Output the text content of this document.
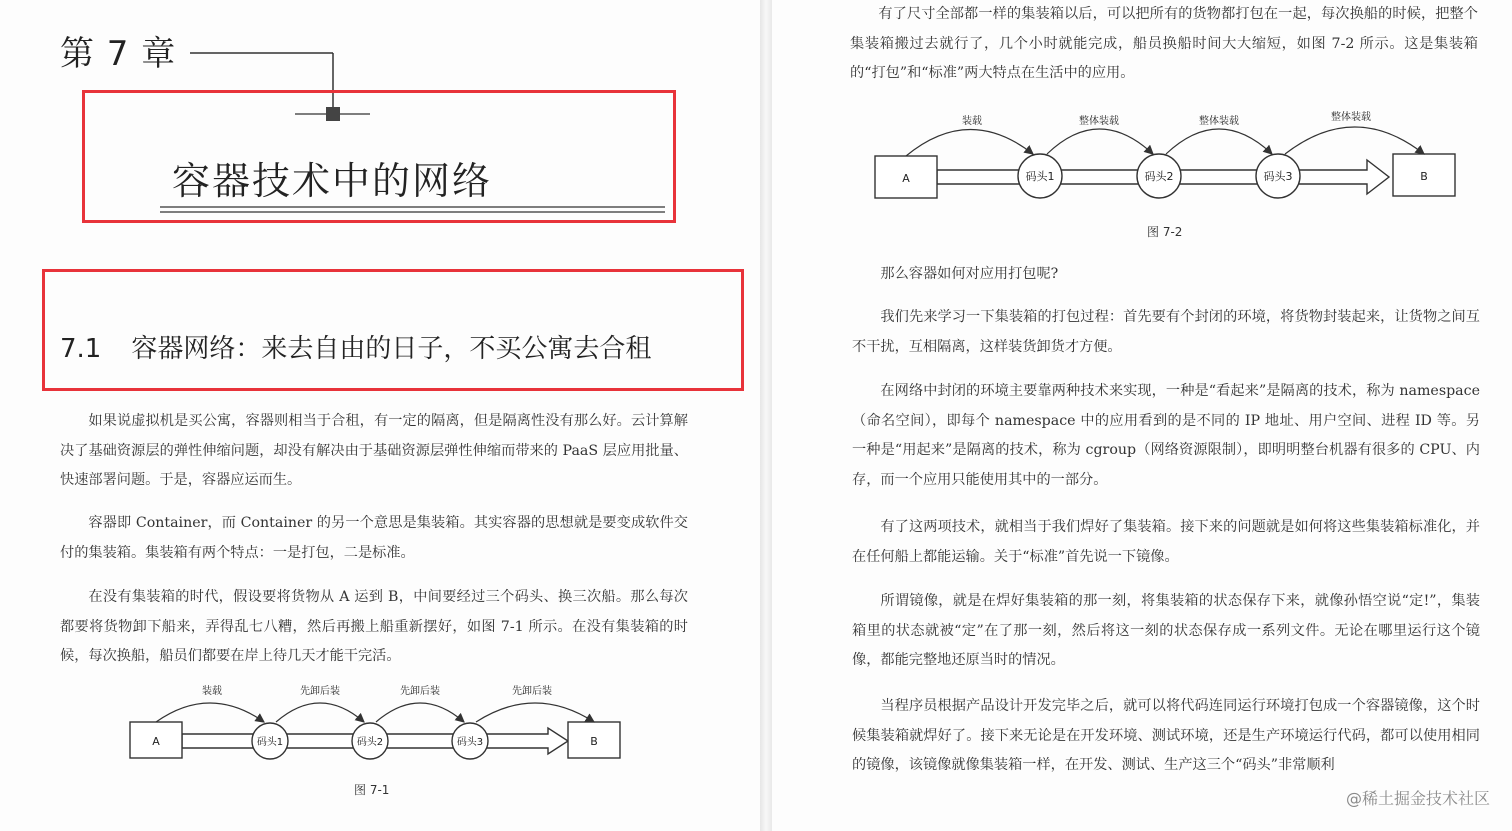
第 7 章
容器技术中的网络
7.1 容器网络：来去自由的日子，不买公寓去合租

如果说虚拟机是买公寓，容器则相当于合租，有一定的隔离，但是隔离性没有那么好。云计算解决了基础资源层的弹性伸缩问题，却没有解决由于基础资源层弹性伸缩而带来的 PaaS 层应用批量、快速部署问题。于是，容器应运而生。

容器即 Container，而 Container 的另一个意思是集装箱。其实容器的思想就是要变成软件交付的集装箱。集装箱有两个特点：一是打包，二是标准。

在没有集装箱的时代，假设要将货物从 A 运到 B，中间要经过三个码头、换三次船。那么每次都要将货物卸下船来，弄得乱七八糟，然后再搬上船重新摆好，如图 7-1 所示。在没有集装箱的时候，每次换船，船员们都要在岸上待几天才能干完活。

A	B
码头1	码头2	码头3
装载	先卸后装	先卸后装	先卸后装
图 7-1

有了尺寸全部都一样的集装箱以后，可以把所有的货物都打包在一起，每次换船的时候，把整个集装箱搬过去就行了，几个小时就能完成，船员换船时间大大缩短，如图 7-2 所示。这是集装箱的“打包”和“标准”两大特点在生活中的应用。

A	B
码头1	码头2	码头3
装载	整体装载	整体装载	整体装载
图 7-2

那么容器如何对应用打包呢?

我们先来学习一下集装箱的打包过程：首先要有个封闭的环境，将货物封装起来，让货物之间互不干扰，互相隔离，这样装货卸货才方便。

在网络中封闭的环境主要靠两种技术来实现，一种是“看起来”是隔离的技术，称为 namespace（命名空间），即每个 namespace 中的应用看到的是不同的 IP 地址、用户空间、进程 ID 等。另一种是“用起来”是隔离的技术，称为 cgroup（网络资源限制），即明明整台机器有很多的 CPU、内存，而一个应用只能使用其中的一部分。

有了这两项技术，就相当于我们焊好了集装箱。接下来的问题就是如何将这些集装箱标准化，并在任何船上都能运输。关于“标准”首先说一下镜像。

所谓镜像，就是在焊好集装箱的那一刻，将集装箱的状态保存下来，就像孙悟空说“定!”，集装箱里的状态就被“定”在了那一刻，然后将这一刻的状态保存成一系列文件。无论在哪里运行这个镜像，都能完整地还原当时的情况。

当程序员根据产品设计开发完毕之后，就可以将代码连同运行环境打包成一个容器镜像，这个时候集装箱就焊好了。接下来无论是在开发环境、测试环境，还是生产环境运行代码，都可以使用相同的镜像，该镜像就像集装箱一样，在开发、测试、生产这三个“码头”非常顺利

@稀土掘金技术社区
